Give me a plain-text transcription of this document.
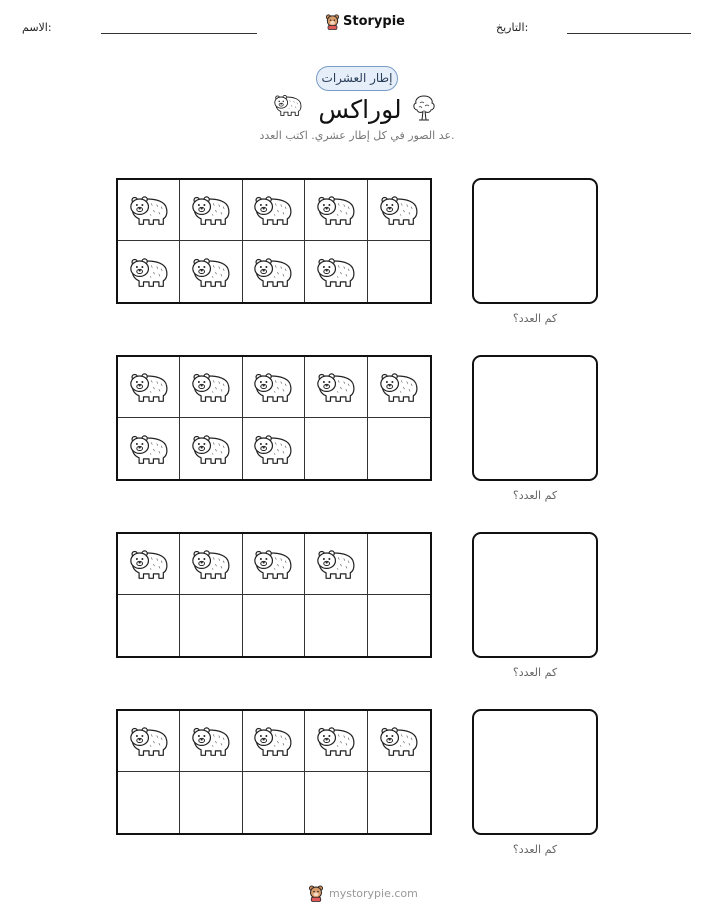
الاسم:	Storypie	التاريخ:
إطار العشرات
لوراكس
عد الصور في كل إطار عشري. اكتب العدد.
كم العدد؟
كم العدد؟
كم العدد؟
كم العدد؟
mystorypie.com
